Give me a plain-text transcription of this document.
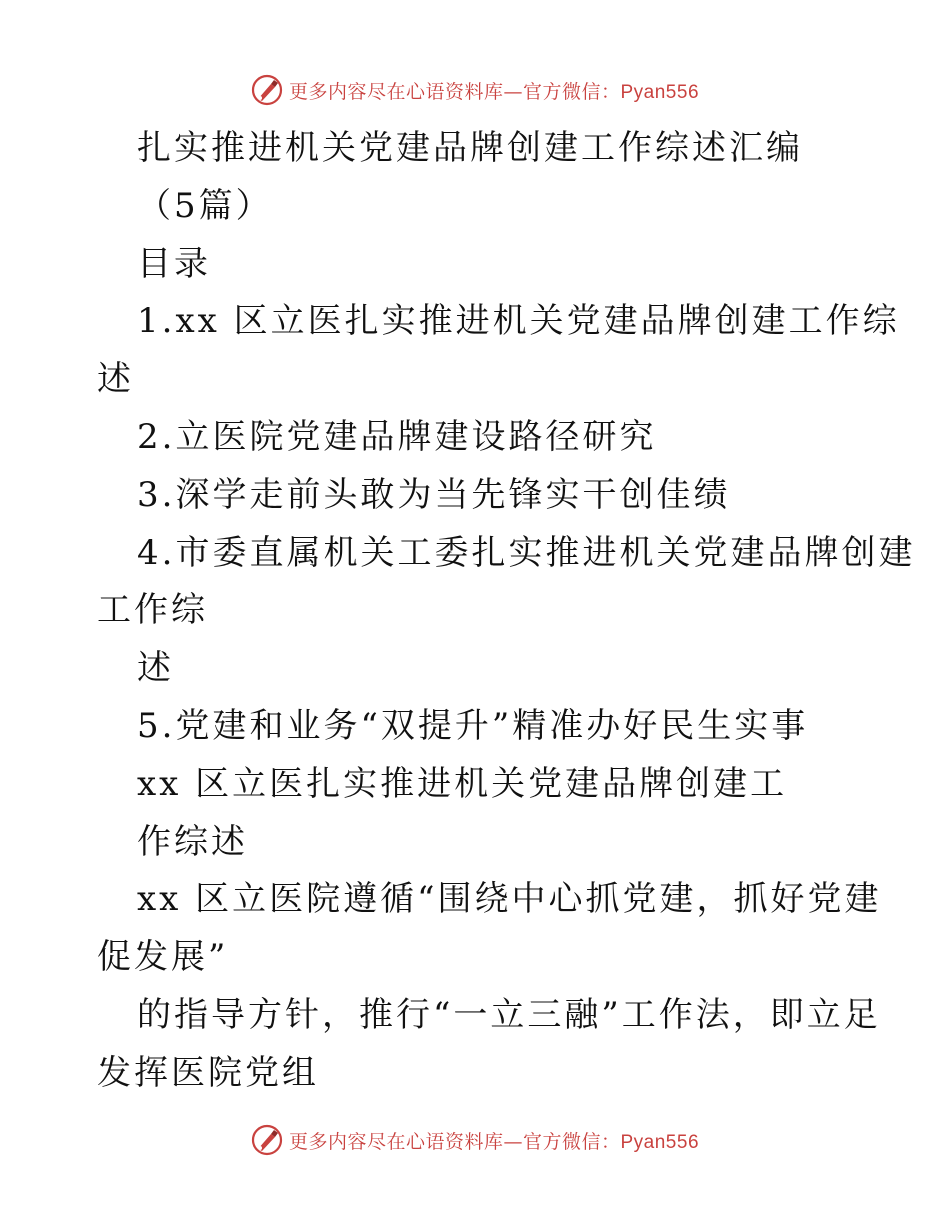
更多内容尽在心语资料库—官方微信：Pyan556
扎实推进机关党建品牌创建工作综述汇编
（5篇）
目录
1.xx 区立医扎实推进机关党建品牌创建工作综
述
2.立医院党建品牌建设路径研究
3.深学走前头敢为当先锋实干创佳绩
4.市委直属机关工委扎实推进机关党建品牌创建
工作综
述
5.党建和业务“双提升”精准办好民生实事
xx 区立医扎实推进机关党建品牌创建工
作综述
xx 区立医院遵循“围绕中心抓党建，抓好党建
促发展”
的指导方针，推行“一立三融”工作法，即立足
发挥医院党组
更多内容尽在心语资料库—官方微信：Pyan556
